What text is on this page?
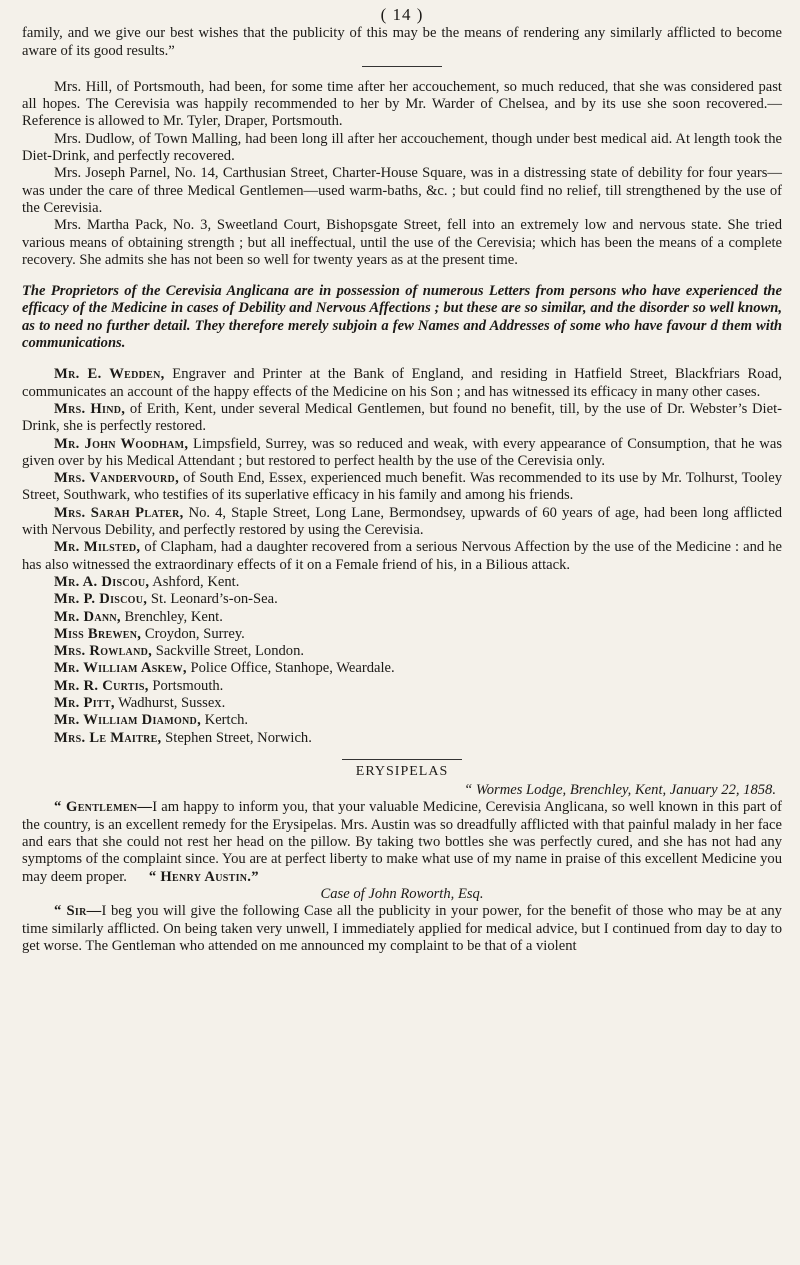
( 14 )

family, and we give our best wishes that the publicity of this may be the means of rendering any similarly afflicted to become aware of its good results.”

Mrs. Hill, of Portsmouth, had been, for some time after her accouchement, so much reduced, that she was considered past all hopes. The Cerevisia was happily recommended to her by Mr. Warder of Chelsea, and by its use she soon recovered.—Reference is allowed to Mr. Tyler, Draper, Portsmouth.

Mrs. Dudlow, of Town Malling, had been long ill after her accouchement, though under best medical aid. At length took the Diet-Drink, and perfectly recovered.

Mrs. Joseph Parnel, No. 14, Carthusian Street, Charter-House Square, was in a distressing state of debility for four years—was under the care of three Medical Gentlemen—used warm-baths, &c. ; but could find no relief, till strengthened by the use of the Cerevisia.

Mrs. Martha Pack, No. 3, Sweetland Court, Bishopsgate Street, fell into an extremely low and nervous state. She tried various means of obtaining strength ; but all ineffectual, until the use of the Cerevisia; which has been the means of a complete recovery. She admits she has not been so well for twenty years as at the present time.

The Proprietors of the Cerevisia Anglicana are in possession of numerous Letters from persons who have experienced the efficacy of the Medicine in cases of Debility and Nervous Affections ; but these are so similar, and the disorder so well known, as to need no further detail. They therefore merely subjoin a few Names and Addresses of some who have favour d them with communications.

Mr. E. Wedden, Engraver and Printer at the Bank of England, and residing in Hatfield Street, Blackfriars Road, communicates an account of the happy effects of the Medicine on his Son ; and has witnessed its efficacy in many other cases.

Mrs. Hind, of Erith, Kent, under several Medical Gentlemen, but found no benefit, till, by the use of Dr. Webster’s Diet-Drink, she is perfectly restored.

Mr. John Woodham, Limpsfield, Surrey, was so reduced and weak, with every appearance of Consumption, that he was given over by his Medical Attendant ; but restored to perfect health by the use of the Cerevisia only.

Mrs. Vandervourd, of South End, Essex, experienced much benefit. Was recommended to its use by Mr. Tolhurst, Tooley Street, Southwark, who testifies of its superlative efficacy in his family and among his friends.

Mrs. Sarah Plater, No. 4, Staple Street, Long Lane, Bermondsey, upwards of 60 years of age, had been long afflicted with Nervous Debility, and perfectly restored by using the Cerevisia.

Mr. Milsted, of Clapham, had a daughter recovered from a serious Nervous Affection by the use of the Medicine : and he has also witnessed the extraordinary effects of it on a Female friend of his, in a Bilious attack.

Mr. A. Discou, Ashford, Kent.
Mr. P. Discou, St. Leonard’s-on-Sea.
Mr. Dann, Brenchley, Kent.
Miss Brewen, Croydon, Surrey.
Mrs. Rowland, Sackville Street, London.
Mr. William Askew, Police Office, Stanhope, Weardale.
Mr. R. Curtis, Portsmouth.
Mr. Pitt, Wadhurst, Sussex.
Mr. William Diamond, Kertch.
Mrs. Le Maitre, Stephen Street, Norwich.
ERYSIPELAS
“ Wormes Lodge, Brenchley, Kent, January 22, 1858.

“ Gentlemen—I am happy to inform you, that your valuable Medicine, Cerevisia Anglicana, so well known in this part of the country, is an excellent remedy for the Erysipelas. Mrs. Austin was so dreadfully afflicted with that painful malady in her face and ears that she could not rest her head on the pillow. By taking two bottles she was perfectly cured, and she has not had any symptoms of the complaint since. You are at perfect liberty to make what use of my name in praise of this excellent Medicine you may deem proper. “ Henry Austin.”

Case of John Roworth, Esq.

“ Sir—I beg you will give the following Case all the publicity in your power, for the benefit of those who may be at any time similarly afflicted. On being taken very unwell, I immediately applied for medical advice, but I continued from day to day to get worse. The Gentleman who attended on me announced my complaint to be that of a violent
